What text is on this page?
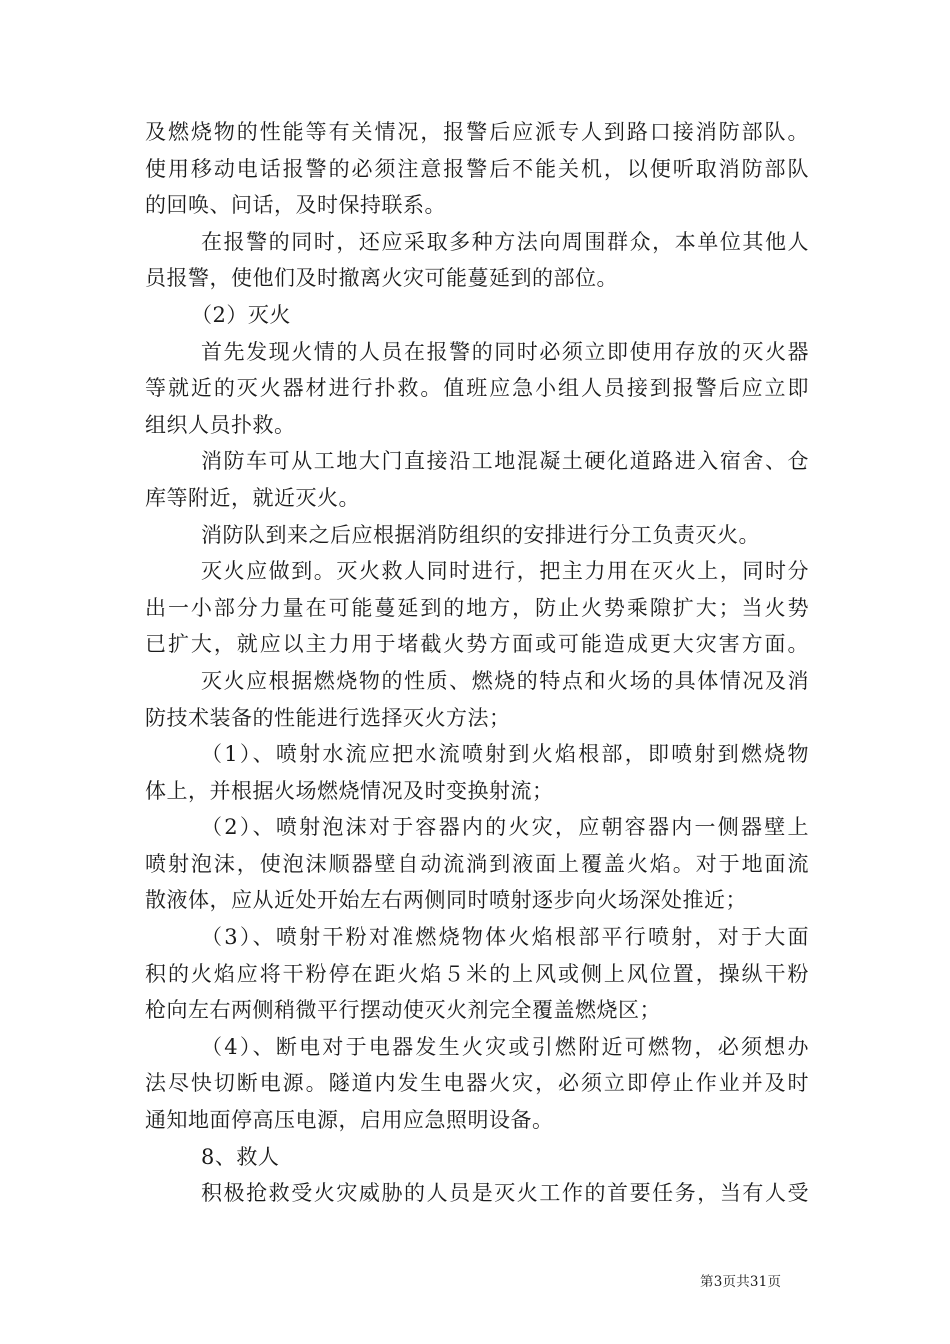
及燃烧物的性能等有关情况，报警后应派专人到路口接消防部队。
使用移动电话报警的必须注意报警后不能关机，以便听取消防部队
的回唤、问话，及时保持联系。
在报警的同时，还应采取多种方法向周围群众，本单位其他人
员报警，使他们及时撤离火灾可能蔓延到的部位。
（2）灭火
首先发现火情的人员在报警的同时必须立即使用存放的灭火器
等就近的灭火器材进行扑救。值班应急小组人员接到报警后应立即
组织人员扑救。
消防车可从工地大门直接沿工地混凝土硬化道路进入宿舍、仓
库等附近，就近灭火。
消防队到来之后应根据消防组织的安排进行分工负责灭火。
灭火应做到。灭火救人同时进行，把主力用在灭火上，同时分
出一小部分力量在可能蔓延到的地方，防止火势乘隙扩大；当火势
已扩大，就应以主力用于堵截火势方面或可能造成更大灾害方面。
灭火应根据燃烧物的性质、燃烧的特点和火场的具体情况及消
防技术装备的性能进行选择灭火方法；
（1）、喷射水流应把水流喷射到火焰根部，即喷射到燃烧物
体上，并根据火场燃烧情况及时变换射流；
（2）、喷射泡沫对于容器内的火灾，应朝容器内一侧器壁上
喷射泡沫，使泡沫顺器壁自动流淌到液面上覆盖火焰。对于地面流
散液体，应从近处开始左右两侧同时喷射逐步向火场深处推近；
（3）、喷射干粉对准燃烧物体火焰根部平行喷射，对于大面
积的火焰应将干粉停在距火焰５米的上风或侧上风位置，操纵干粉
枪向左右两侧稍微平行摆动使灭火剂完全覆盖燃烧区；
（4）、断电对于电器发生火灾或引燃附近可燃物，必须想办
法尽快切断电源。隧道内发生电器火灾，必须立即停止作业并及时
通知地面停高压电源，启用应急照明设备。
8、救人
积极抢救受火灾威胁的人员是灭火工作的首要任务，当有人受
第3页共31页
